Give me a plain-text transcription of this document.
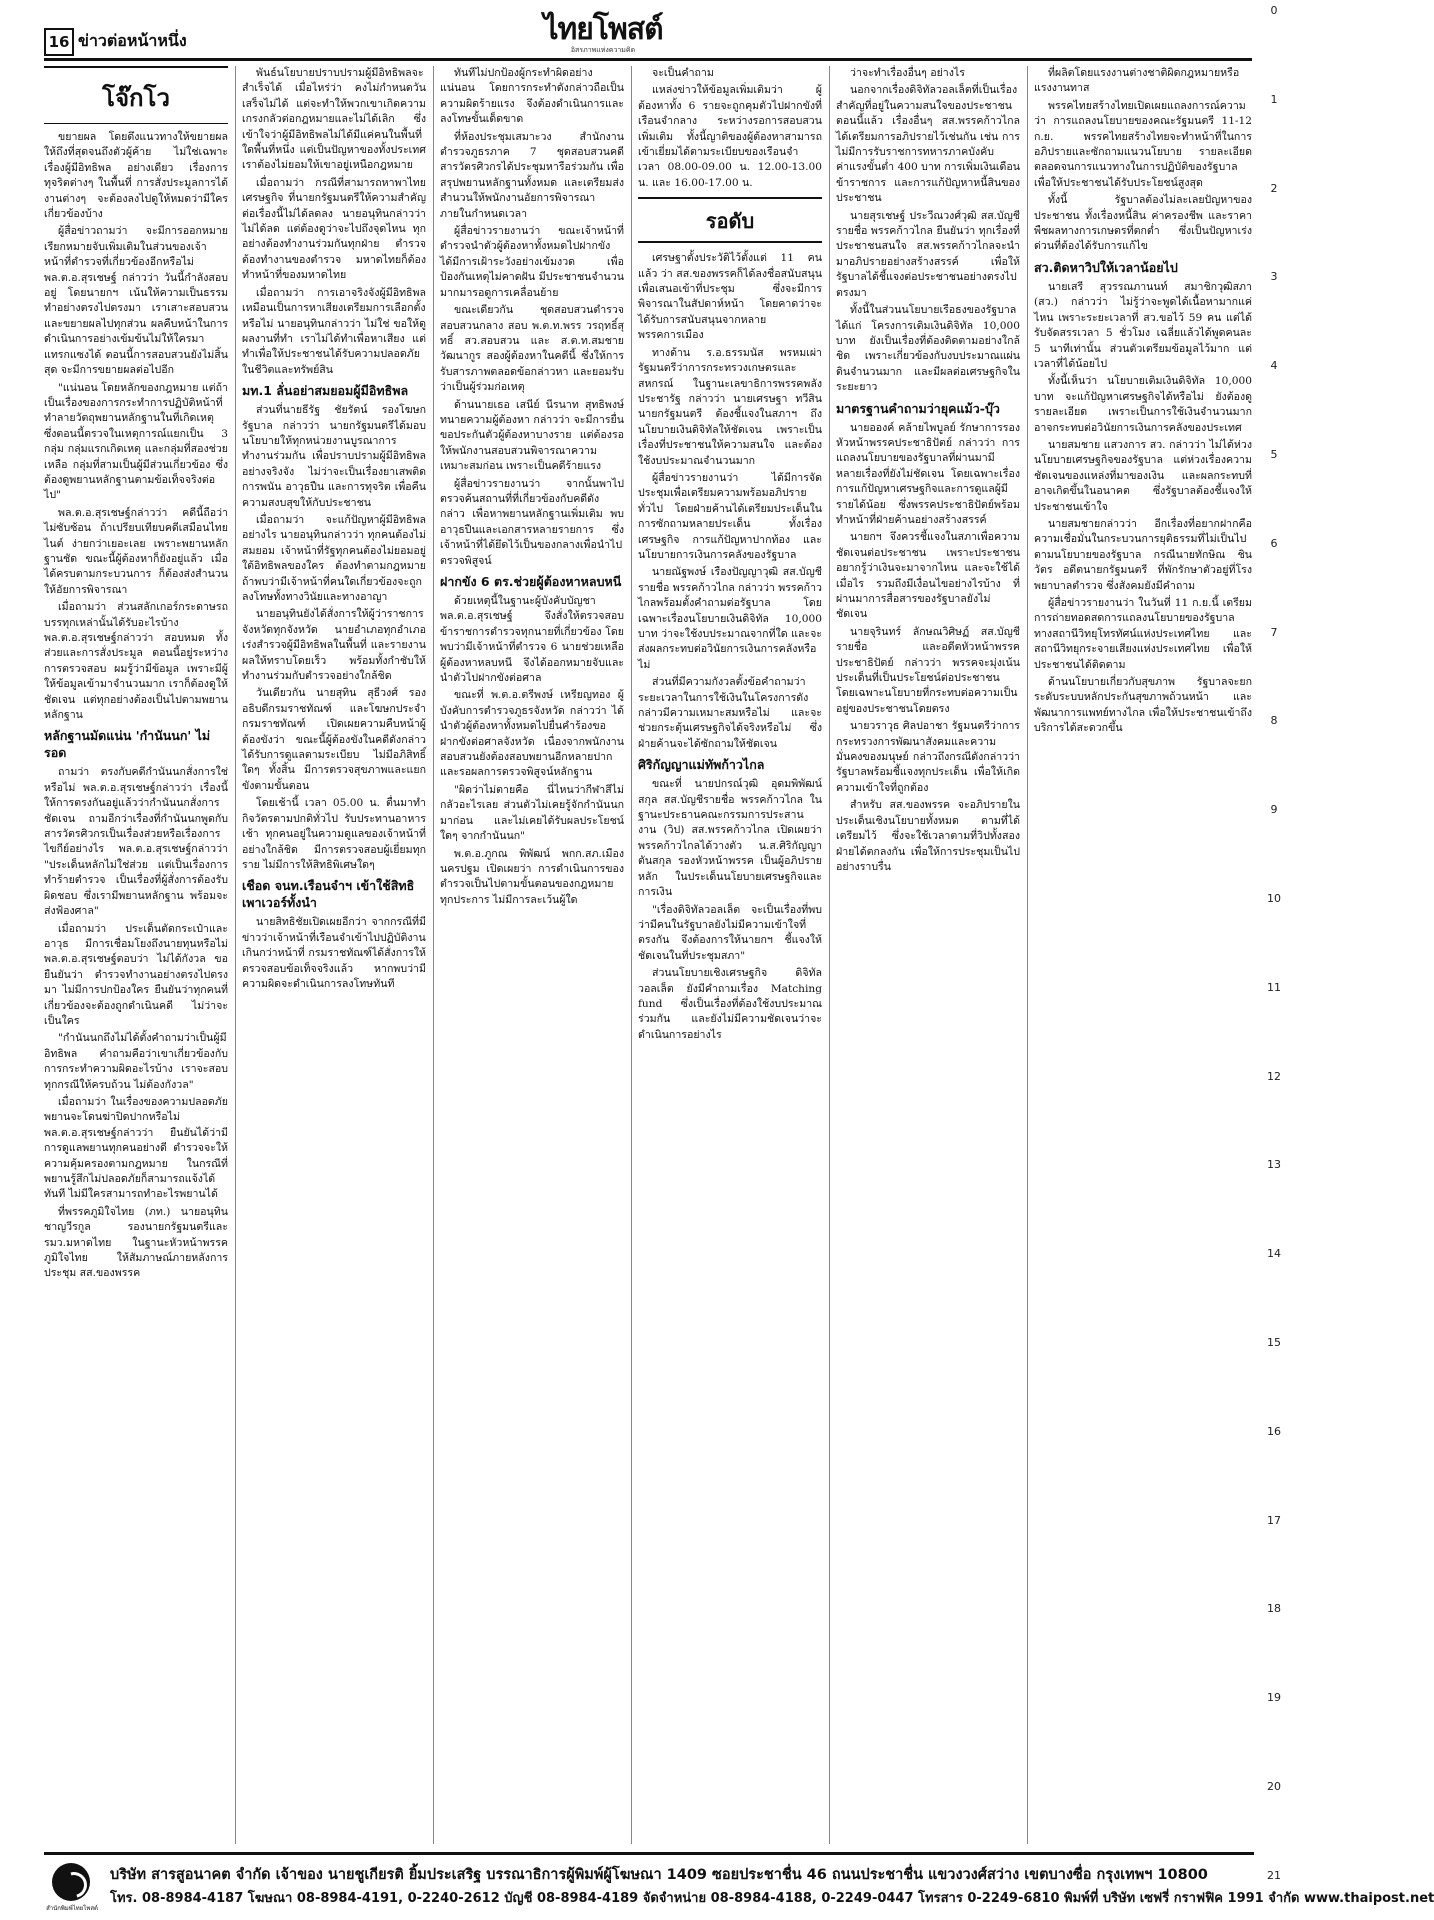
16 ข่าวต่อหน้าหนึ่ง	ไทยโพสต์
อิสรภาพแห่งความคิด
0
1
2
3
4
5
6
7
8
9
10
11
12
13
14
15
16
17
18
19
20
21
โจ๊กโว

ขยายผล โดยดึงแนวทางให้ขยายผลให้ถึงที่สุดจนถึงตัวผู้ค้าย ไม่ใช่เฉพาะเรื่องผู้มีอิทธิพล อย่างเดียว เรื่องการทุจริตต่างๆ ในพื้นที่ การสั่งประมูลการได้งานต่างๆ จะต้องลงไปดูให้หมดว่ามีใครเกี่ยวข้องบ้าง

ผู้สื่อข่าวถามว่า จะมีการออกหมายเรียกหมายจับเพิ่มเติมในส่วนของเจ้าหน้าที่ตำรวจที่เกี่ยวข้องอีกหรือไม่ พล.ต.อ.สุรเชษฐ์ กล่าวว่า วันนี้กำลังสอบอยู่ โดยนายกฯ เน้นให้ความเป็นธรรม ทำอย่างตรงไปตรงมา เราเสาะสอบสวนและขยายผลไปทุกส่วน ผลคืบหน้าในการดำเนินการอย่างเข้มข้นไม่ให้ใครมาแทรกแซงได้ ตอนนี้การสอบสวนยังไม่สิ้นสุด จะมีการขยายผลต่อไปอีก

"แน่นอน โดยหลักของกฎหมาย แต่ถ้าเป็นเรื่องของการกระทำการปฏิบัติหน้าที่ทำลายวัตถุพยานหลักฐานในที่เกิดเหตุ ซึ่งตอนนี้ตรวจในเหตุการณ์แยกเป็น 3 กลุ่ม กลุ่มแรกเกิดเหตุ และกลุ่มที่สองช่วยเหลือ กลุ่มที่สามเป็นผู้มีส่วนเกี่ยวข้อง ซึ่งต้องดูพยานหลักฐานตามข้อเท็จจริงต่อไป"

พล.ต.อ.สุรเชษฐ์กล่าวว่า คดีนี้ถือว่าไม่ซับซ้อน ถ้าเปรียบเทียบคดีเสมือนไทยไนต์ ง่ายกว่าเยอะเลย เพราะพยานหลักฐานชัด ขณะนี้ผู้ต้องหาก็ยังอยู่แล้ว เมื่อได้ครบตามกระบวนการ ก็ต้องส่งสำนวนให้อัยการพิจารณา

เมื่อถามว่า ส่วนสลักเกอร์กระดาษรถบรรทุกเหล่านั้นได้รับอะไรบ้าง พล.ต.อ.สุรเชษฐ์กล่าวว่า สอบหมด ทั้งส่วยและการสั่งประมูล ตอนนี้อยู่ระหว่างการตรวจสอบ ผมรู้ว่ามีข้อมูล เพราะมีผู้ให้ข้อมูลเข้ามาจำนวนมาก เราก็ต้องดูให้ชัดเจน แต่ทุกอย่างต้องเป็นไปตามพยานหลักฐาน

หลักฐานมัดแน่น 'กำนันนก' ไม่รอด

ถามว่า ตรงกับคดีกำนันนกสั่งการใช่หรือไม่ พล.ต.อ.สุรเชษฐ์กล่าวว่า เรื่องนี้ให้การตรงกันอยู่แล้วว่ากำนันนกสั่งการชัดเจน ถามอีกว่าเรื่องที่กำนันนกพูดกับสารวัตรศิวกรเป็นเรื่องส่วยหรือเรื่องการไขกีย์อย่างไร พล.ต.อ.สุรเชษฐ์กล่าวว่า "ประเด็นหลักไม่ใช่ส่วย แต่เป็นเรื่องการทำร้ายตำรวจ เป็นเรื่องที่ผู้สั่งการต้องรับผิดชอบ ซึ่งเรามีพยานหลักฐาน พร้อมจะส่งฟ้องศาล"

เมื่อถามว่า ประเด็นตัดกระเป๋าและอาวุธ มีการเชื่อมโยงถึงนายทุนหรือไม่ พล.ต.อ.สุรเชษฐ์ตอบว่า ไม่ได้กังวล ขอยืนยันว่า ตำรวจทำงานอย่างตรงไปตรงมา ไม่มีการปกป้องใคร ยืนยันว่าทุกคนที่เกี่ยวข้องจะต้องถูกดำเนินคดี ไม่ว่าจะเป็นใคร

"กำนันนกถึงไม่ได้ตั้งคำถามว่าเป็นผู้มีอิทธิพล คำถามคือว่าเขาเกี่ยวข้องกับการกระทำความผิดอะไรบ้าง เราจะสอบทุกกรณีให้ครบถ้วน ไม่ต้องกังวล"

เมื่อถามว่า ในเรื่องของความปลอดภัยพยานจะโดนฆ่าปิดปากหรือไม่ พล.ต.อ.สุรเชษฐ์กล่าวว่า ยืนยันได้ว่ามีการดูแลพยานทุกคนอย่างดี ตำรวจจะให้ความคุ้มครองตามกฎหมาย ในกรณีที่พยานรู้สึกไม่ปลอดภัยก็สามารถแจ้งได้ทันที ไม่มีใครสามารถทำอะไรพยานได้

ที่พรรคภูมิใจไทย (ภท.) นายอนุทิน ชาญวีรกูล รองนายกรัฐมนตรีและ รมว.มหาดไทย ในฐานะหัวหน้าพรรคภูมิใจไทย ให้สัมภาษณ์ภายหลังการประชุม สส.ของพรรค

พันธ์นโยบายปราบปรามผู้มีอิทธิพลจะสำเร็จได้ เมื่อไหร่ว่า คงไม่กำหนดวันเสร็จไม่ได้ แต่จะทำให้พวกเขาเกิดความเกรงกลัวต่อกฎหมายและไม่ได้เลิก ซึ่งเข้าใจว่าผู้มีอิทธิพลไม่ได้มีแค่คนในพื้นที่ใดพื้นที่หนึ่ง แต่เป็นปัญหาของทั้งประเทศ เราต้องไม่ยอมให้เขาอยู่เหนือกฎหมาย

เมื่อถามว่า กรณีที่สามารถหาพาไทยเศรษฐกิจ ที่นายกรัฐมนตรีให้ความสำคัญต่อเรื่องนี้ไม่ได้ลดลง นายอนุทินกล่าวว่า ไม่ได้ลด แต่ต้องดูว่าจะไปถึงจุดไหน ทุกอย่างต้องทำงานร่วมกันทุกฝ่าย ตำรวจต้องทำงานของตำรวจ มหาดไทยก็ต้องทำหน้าที่ของมหาดไทย

เมื่อถามว่า การเอาจริงจังผู้มีอิทธิพล เหมือนเป็นการหาเสียงเตรียมการเลือกตั้งหรือไม่ นายอนุทินกล่าวว่า ไม่ใช่ ขอให้ดูผลงานที่ทำ เราไม่ได้ทำเพื่อหาเสียง แต่ทำเพื่อให้ประชาชนได้รับความปลอดภัยในชีวิตและทรัพย์สิน

มท.1 ลั่นอย่าสมยอมผู้มีอิทธิพล

ส่วนที่นายธีรัฐ ชัยรัตน์ รองโฆษกรัฐบาล กล่าวว่า นายกรัฐมนตรีได้มอบนโยบายให้ทุกหน่วยงานบูรณาการทำงานร่วมกัน เพื่อปราบปรามผู้มีอิทธิพลอย่างจริงจัง ไม่ว่าจะเป็นเรื่องยาเสพติด การพนัน อาวุธปืน และการทุจริต เพื่อคืนความสงบสุขให้กับประชาชน

เมื่อถามว่า จะแก้ปัญหาผู้มีอิทธิพลอย่างไร นายอนุทินกล่าวว่า ทุกคนต้องไม่สมยอม เจ้าหน้าที่รัฐทุกคนต้องไม่ยอมอยู่ใต้อิทธิพลของใคร ต้องทำตามกฎหมาย ถ้าพบว่ามีเจ้าหน้าที่คนใดเกี่ยวข้องจะถูกลงโทษทั้งทางวินัยและทางอาญา

นายอนุทินยังได้สั่งการให้ผู้ว่าราชการจังหวัดทุกจังหวัด นายอำเภอทุกอำเภอ เร่งสำรวจผู้มีอิทธิพลในพื้นที่ และรายงานผลให้ทราบโดยเร็ว พร้อมทั้งกำชับให้ทำงานร่วมกับตำรวจอย่างใกล้ชิด

วันเดียวกัน นายสุทิน สุธีวงศ์ รองอธิบดีกรมราชทัณฑ์ และโฆษกประจำกรมราชทัณฑ์ เปิดเผยความคืบหน้าผู้ต้องขังว่า ขณะนี้ผู้ต้องขังในคดีดังกล่าวได้รับการดูแลตามระเบียบ ไม่มีอภิสิทธิ์ใดๆ ทั้งสิ้น มีการตรวจสุขภาพและแยกขังตามขั้นตอน

โดยเช้านี้ เวลา 05.00 น. ตื่นมาทำกิจวัตรตามปกติทั่วไป รับประทานอาหารเช้า ทุกคนอยู่ในความดูแลของเจ้าหน้าที่อย่างใกล้ชิด มีการตรวจสอบผู้เยี่ยมทุกราย ไม่มีการให้สิทธิพิเศษใดๆ

เชือด จนท.เรือนจำฯ เข้าใช้สิทธิเพาเวอร์ทั้งนำ

นายสิทธิชัยเปิดเผยอีกว่า จากกรณีที่มีข่าวว่าเจ้าหน้าที่เรือนจำเข้าไปปฏิบัติงานเกินกว่าหน้าที่ กรมราชทัณฑ์ได้สั่งการให้ตรวจสอบข้อเท็จจริงแล้ว หากพบว่ามีความผิดจะดำเนินการลงโทษทันที

ทันทีไม่ปกป้องผู้กระทำผิดอย่างแน่นอน โดยการกระทำดังกล่าวถือเป็นความผิดร้ายแรง จึงต้องดำเนินการและลงโทษขั้นเด็ดขาด

ที่ห้องประชุมเสมาะวง สำนักงานตำรวจภูธรภาค 7 ชุดสอบสวนคดีสารวัตรศิวกรได้ประชุมหารือร่วมกัน เพื่อสรุปพยานหลักฐานทั้งหมด และเตรียมส่งสำนวนให้พนักงานอัยการพิจารณาภายในกำหนดเวลา

ผู้สื่อข่าวรายงานว่า ขณะเจ้าหน้าที่ตำรวจนำตัวผู้ต้องหาทั้งหมดไปฝากขัง ได้มีการเฝ้าระวังอย่างเข้มงวด เพื่อป้องกันเหตุไม่คาดฝัน มีประชาชนจำนวนมากมารอดูการเคลื่อนย้าย

ขณะเดียวกัน ชุดสอบสวนตำรวจสอบสวนกลาง สอบ พ.ต.ท.พรร วรฤทธิ์สุทธิ์ สว.สอบสวน และ ส.ต.ท.สมชาย วัฒนากูร สองผู้ต้องหาในคดีนี้ ซึ่งให้การรับสารภาพตลอดข้อกล่าวหา และยอมรับว่าเป็นผู้ร่วมก่อเหตุ

ด้านนายเธอ เสนีย์ นีรนาท สุทธิพงษ์ ทนายความผู้ต้องหา กล่าวว่า จะมีการยื่นขอประกันตัวผู้ต้องหาบางราย แต่ต้องรอให้พนักงานสอบสวนพิจารณาความเหมาะสมก่อน เพราะเป็นคดีร้ายแรง

ผู้สื่อข่าวรายงานว่า จากนั้นพาไปตรวจค้นสถานที่ที่เกี่ยวข้องกับคดีดังกล่าว เพื่อหาพยานหลักฐานเพิ่มเติม พบอาวุธปืนและเอกสารหลายรายการ ซึ่งเจ้าหน้าที่ได้ยึดไว้เป็นของกลางเพื่อนำไปตรวจพิสูจน์

ฝากขัง 6 ตร.ช่วยผู้ต้องหาหลบหนี

ด้วยเหตุนี้ในฐานะผู้บังคับบัญชา พล.ต.อ.สุรเชษฐ์ จึงสั่งให้ตรวจสอบข้าราชการตำรวจทุกนายที่เกี่ยวข้อง โดยพบว่ามีเจ้าหน้าที่ตำรวจ 6 นายช่วยเหลือผู้ต้องหาหลบหนี จึงได้ออกหมายจับและนำตัวไปฝากขังต่อศาล

ขณะที่ พ.ต.อ.ตรีพงษ์ เหรียญทอง ผู้บังคับการตำรวจภูธรจังหวัด กล่าวว่า ได้นำตัวผู้ต้องหาทั้งหมดไปยื่นคำร้องขอฝากขังต่อศาลจังหวัด เนื่องจากพนักงานสอบสวนยังต้องสอบพยานอีกหลายปาก และรอผลการตรวจพิสูจน์หลักฐาน

"ผิดว่าไม่ตายคือ นี่ไหนว่ากีฬาสีไม่กลัวอะไรเลย ส่วนตัวไม่เคยรู้จักกำนันนก มาก่อน และไม่เคยได้รับผลประโยชน์ใดๆ จากกำนันนก"

พ.ต.อ.ภูกณ พิพัฒน์ พกก.สภ.เมืองนครปฐม เปิดเผยว่า การดำเนินการของตำรวจเป็นไปตามขั้นตอนของกฎหมายทุกประการ ไม่มีการละเว้นผู้ใด

จะเป็นคำถาม

แหล่งข่าวให้ข้อมูลเพิ่มเติมว่า ผู้ต้องหาทั้ง 6 รายจะถูกคุมตัวไปฝากขังที่เรือนจำกลาง ระหว่างรอการสอบสวนเพิ่มเติม ทั้งนี้ญาติของผู้ต้องหาสามารถเข้าเยี่ยมได้ตามระเบียบของเรือนจำ เวลา 08.00-09.00 น. 12.00-13.00 น. และ 16.00-17.00 น.

รอดับ

เศรษฐาตั้งประวัติไว้ตั้งแต่ 11 คน แล้ว ว่า สส.ของพรรคก็ได้ลงชื่อสนับสนุนเพื่อเสนอเข้าที่ประชุม ซึ่งจะมีการพิจารณาในสัปดาห์หน้า โดยคาดว่าจะได้รับการสนับสนุนจากหลายพรรคการเมือง

ทางด้าน ร.อ.ธรรมนัส พรหมเผ่า รัฐมนตรีว่าการกระทรวงเกษตรและสหกรณ์ ในฐานะเลขาธิการพรรคพลังประชารัฐ กล่าวว่า นายเศรษฐา ทวีสิน นายกรัฐมนตรี ต้องชี้แจงในสภาฯ ถึงนโยบายเงินดิจิทัลให้ชัดเจน เพราะเป็นเรื่องที่ประชาชนให้ความสนใจ และต้องใช้งบประมาณจำนวนมาก

ผู้สื่อข่าวรายงานว่า ได้มีการจัดประชุมเพื่อเตรียมความพร้อมอภิปรายทั่วไป โดยฝ่ายค้านได้เตรียมประเด็นในการซักถามหลายประเด็น ทั้งเรื่องเศรษฐกิจ การแก้ปัญหาปากท้อง และนโยบายการเงินการคลังของรัฐบาล

นายณัฐพงษ์ เรืองปัญญาวุฒิ สส.บัญชีรายชื่อ พรรคก้าวไกล กล่าวว่า พรรคก้าวไกลพร้อมตั้งคำถามต่อรัฐบาล โดยเฉพาะเรื่องนโยบายเงินดิจิทัล 10,000 บาท ว่าจะใช้งบประมาณจากที่ใด และจะส่งผลกระทบต่อวินัยการเงินการคลังหรือไม่

ส่วนที่มีความกังวลตั้งข้อคำถามว่า ระยะเวลาในการใช้เงินในโครงการดังกล่าวมีความเหมาะสมหรือไม่ และจะช่วยกระตุ้นเศรษฐกิจได้จริงหรือไม่ ซึ่งฝ่ายค้านจะได้ซักถามให้ชัดเจน

ศิริกัญญาแม่ทัพก้าวไกล

ขณะที่ นายปกรณ์วุฒิ อุดมพิพัฒน์สกุล สส.บัญชีรายชื่อ พรรคก้าวไกล ในฐานะประธานคณะกรรมการประสานงาน (วิป) สส.พรรคก้าวไกล เปิดเผยว่า พรรคก้าวไกลได้วางตัว น.ส.ศิริกัญญา ตันสกุล รองหัวหน้าพรรค เป็นผู้อภิปรายหลัก ในประเด็นนโยบายเศรษฐกิจและการเงิน

"เรื่องดิจิทัลวอลเล็ต จะเป็นเรื่องที่พบว่ามีคนในรัฐบาลยังไม่มีความเข้าใจที่ตรงกัน จึงต้องการให้นายกฯ ชี้แจงให้ชัดเจนในที่ประชุมสภา"

ส่วนนโยบายเชิงเศรษฐกิจ ดิจิทัล วอลเล็ต ยังมีคำถามเรื่อง Matching fund ซึ่งเป็นเรื่องที่ต้องใช้งบประมาณร่วมกัน และยังไม่มีความชัดเจนว่าจะดำเนินการอย่างไร

ว่าจะทำเรื่องอื่นๆ อย่างไร

นอกจากเรื่องดิจิทัลวอลเล็ตที่เป็นเรื่องสำคัญที่อยู่ในความสนใจของประชาชนตอนนี้แล้ว เรื่องอื่นๆ สส.พรรคก้าวไกลได้เตรียมการอภิปรายไว้เช่นกัน เช่น การไม่มีการรับราชการทหารภาคบังคับ ค่าแรงขั้นต่ำ 400 บาท การเพิ่มเงินเดือนข้าราชการ และการแก้ปัญหาหนี้สินของประชาชน

นายสุรเชษฐ์ ประวีณวงศ์วุฒิ สส.บัญชีรายชื่อ พรรคก้าวไกล ยืนยันว่า ทุกเรื่องที่ประชาชนสนใจ สส.พรรคก้าวไกลจะนำมาอภิปรายอย่างสร้างสรรค์ เพื่อให้รัฐบาลได้ชี้แจงต่อประชาชนอย่างตรงไปตรงมา

ทั้งนี้ในส่วนนโยบายเรือธงของรัฐบาล ได้แก่ โครงการเติมเงินดิจิทัล 10,000 บาท ยังเป็นเรื่องที่ต้องติดตามอย่างใกล้ชิด เพราะเกี่ยวข้องกับงบประมาณแผ่นดินจำนวนมาก และมีผลต่อเศรษฐกิจในระยะยาว

มาตรฐานคำถามว่ายุคแม้ว-บุ๊ว

นายอองค์ คล้ายไพบูลย์ รักษาการรองหัวหน้าพรรคประชาธิปัตย์ กล่าวว่า การแถลงนโยบายของรัฐบาลที่ผ่านมามีหลายเรื่องที่ยังไม่ชัดเจน โดยเฉพาะเรื่องการแก้ปัญหาเศรษฐกิจและการดูแลผู้มีรายได้น้อย ซึ่งพรรคประชาธิปัตย์พร้อมทำหน้าที่ฝ่ายค้านอย่างสร้างสรรค์

นายกฯ จึงควรชี้แจงในสภาเพื่อความชัดเจนต่อประชาชน เพราะประชาชนอยากรู้ว่าเงินจะมาจากไหน และจะใช้ได้เมื่อไร รวมถึงมีเงื่อนไขอย่างไรบ้าง ที่ผ่านมาการสื่อสารของรัฐบาลยังไม่ชัดเจน

นายจุรินทร์ ลักษณวิศิษฏ์ สส.บัญชีรายชื่อ และอดีตหัวหน้าพรรคประชาธิปัตย์ กล่าวว่า พรรคจะมุ่งเน้นประเด็นที่เป็นประโยชน์ต่อประชาชน โดยเฉพาะนโยบายที่กระทบต่อความเป็นอยู่ของประชาชนโดยตรง

นายวราวุธ ศิลปอาชา รัฐมนตรีว่าการกระทรวงการพัฒนาสังคมและความมั่นคงของมนุษย์ กล่าวถึงกรณีดังกล่าวว่า รัฐบาลพร้อมชี้แจงทุกประเด็น เพื่อให้เกิดความเข้าใจที่ถูกต้อง

สำหรับ สส.ของพรรค จะอภิปรายในประเด็นเชิงนโยบายทั้งหมด ตามที่ได้เตรียมไว้ ซึ่งจะใช้เวลาตามที่วิปทั้งสองฝ่ายได้ตกลงกัน เพื่อให้การประชุมเป็นไปอย่างราบรื่น

ที่ผลิตโดยแรงงานต่างชาติผิดกฎหมายหรือแรงงานทาส

พรรคไทยสร้างไทยเปิดเผยแถลงการณ์ความว่า การแถลงนโยบายของคณะรัฐมนตรี 11-12 ก.ย. พรรคไทยสร้างไทยจะทำหน้าที่ในการอภิปรายและซักถามแนวนโยบาย รายละเอียด ตลอดจนการแนวทางในการปฏิบัติของรัฐบาล เพื่อให้ประชาชนได้รับประโยชน์สูงสุด

ทั้งนี้ รัฐบาลต้องไม่ละเลยปัญหาของประชาชน ทั้งเรื่องหนี้สิน ค่าครองชีพ และราคาพืชผลทางการเกษตรที่ตกต่ำ ซึ่งเป็นปัญหาเร่งด่วนที่ต้องได้รับการแก้ไข

สว.ติดหาวิปให้เวลาน้อยไป

นายเสรี สุวรรณภานนท์ สมาชิกวุฒิสภา (สว.) กล่าวว่า ไม่รู้ว่าจะพูดได้เนื้อหามากแค่ไหน เพราะระยะเวลาที่ สว.ขอไว้ 59 คน แต่ได้รับจัดสรรเวลา 5 ชั่วโมง เฉลี่ยแล้วได้พูดคนละ 5 นาทีเท่านั้น ส่วนตัวเตรียมข้อมูลไว้มาก แต่เวลาที่ได้น้อยไป

ทั้งนี้เห็นว่า นโยบายเติมเงินดิจิทัล 10,000 บาท จะแก้ปัญหาเศรษฐกิจได้หรือไม่ ยังต้องดูรายละเอียด เพราะเป็นการใช้เงินจำนวนมาก อาจกระทบต่อวินัยการเงินการคลังของประเทศ

นายสมชาย แสวงการ สว. กล่าวว่า ไม่ได้ห่วงนโยบายเศรษฐกิจของรัฐบาล แต่ห่วงเรื่องความชัดเจนของแหล่งที่มาของเงิน และผลกระทบที่อาจเกิดขึ้นในอนาคต ซึ่งรัฐบาลต้องชี้แจงให้ประชาชนเข้าใจ

นายสมชายกล่าวว่า อีกเรื่องที่อยากฝากคือ ความเชื่อมั่นในกระบวนการยุติธรรมที่ไม่เป็นไปตามนโยบายของรัฐบาล กรณีนายทักษิณ ชินวัตร อดีตนายกรัฐมนตรี ที่พักรักษาตัวอยู่ที่โรงพยาบาลตำรวจ ซึ่งสังคมยังมีคำถาม

ผู้สื่อข่าวรายงานว่า ในวันที่ 11 ก.ย.นี้ เตรียมการถ่ายทอดสดการแถลงนโยบายของรัฐบาลทางสถานีวิทยุโทรทัศน์แห่งประเทศไทย และสถานีวิทยุกระจายเสียงแห่งประเทศไทย เพื่อให้ประชาชนได้ติดตาม

ด้านนโยบายเกี่ยวกับสุขภาพ รัฐบาลจะยกระดับระบบหลักประกันสุขภาพถ้วนหน้า และพัฒนาการแพทย์ทางไกล เพื่อให้ประชาชนเข้าถึงบริการได้สะดวกขึ้น

สำนักพิมพ์ไทยโพสต์
บริษัท สารสูอนาคต จำกัด เจ้าของ นายชูเกียรติ ยิ้มประเสริฐ บรรณาธิการผู้พิมพ์ผู้โฆษณา 1409 ซอยประชาชื่น 46 ถนนประชาชื่น แขวงวงศ์สว่าง เขตบางซื่อ กรุงเทพฯ 10800
โทร. 08-8984-4187 โฆษณา 08-8984-4191, 0-2240-2612 บัญชี 08-8984-4189 จัดจำหน่าย 08-8984-4188, 0-2249-0447 โทรสาร 0-2249-6810 พิมพ์ที่ บริษัท เซฟรี่ กราฟฟิค 1991 จำกัด www.thaipost.net
